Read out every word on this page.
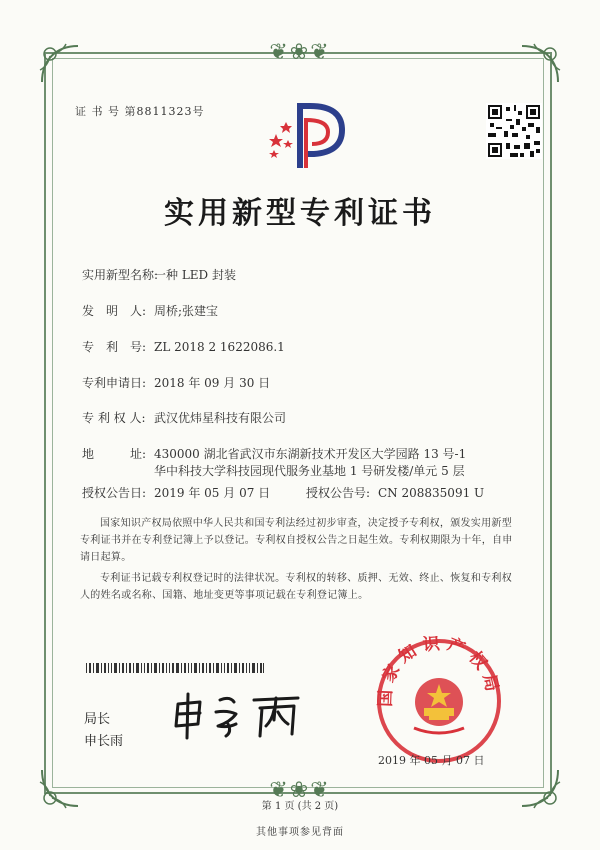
❦❀❦
❦❀❦
证 书 号 第8811323号
实用新型专利证书
实用新型名称:一种 LED 封装
发　明　人: 周桥;张建宝
专　利　号: ZL 2018 2 1622086.1
专利申请日: 2018 年 09 月 30 日
专 利 权 人: 武汉优炜星科技有限公司
地　　　址: 430000 湖北省武汉市东湖新技术开发区大学园路 13 号-1
华中科技大学科技园现代服务业基地 1 号研发楼/单元 5 层
授权公告日: 2019 年 05 月 07 日	授权公告号: CN 208835091 U
国家知识产权局依照中华人民共和国专利法经过初步审查，决定授予专利权，颁发实用新型专利证书并在专利登记簿上予以登记。专利权自授权公告之日起生效。专利权期限为十年，自申请日起算。
专利证书记载专利权登记时的法律状况。专利权的转移、质押、无效、终止、恢复和专利权人的姓名或名称、国籍、地址变更等事项记载在专利登记簿上。
局长
申长雨
国家知识产权局
2019 年 05 月 07 日
第 1 页 (共 2 页)
其他事项参见背面
